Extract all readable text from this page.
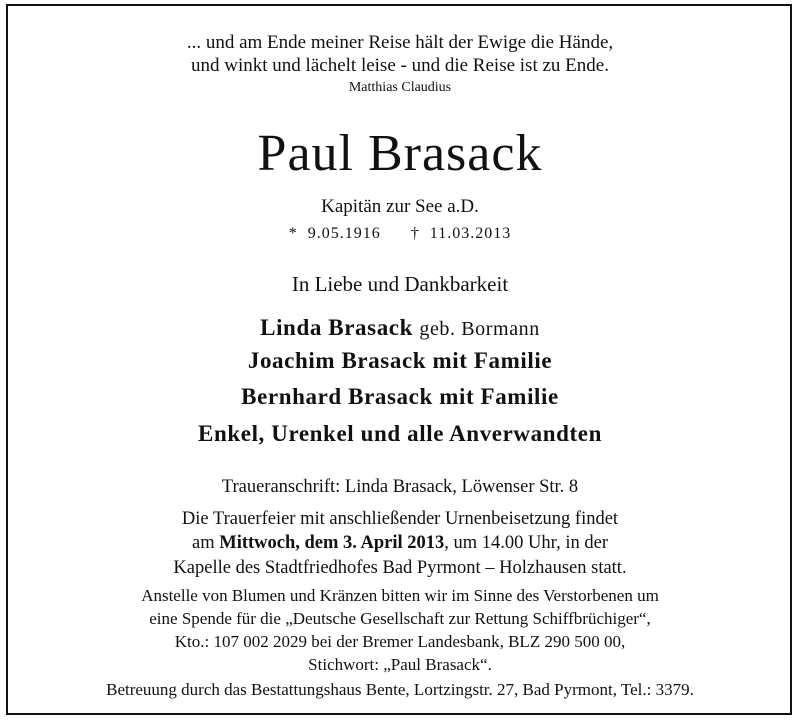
... und am Ende meiner Reise hält der Ewige die Hände,
und winkt und lächelt leise - und die Reise ist zu Ende.
Matthias Claudius
Paul Brasack
Kapitän zur See a.D.
* 9.05.1916 † 11.03.2013
In Liebe und Dankbarkeit
Linda Brasack geb. Bormann
Joachim Brasack mit Familie
Bernhard Brasack mit Familie
Enkel, Urenkel und alle Anverwandten
Traueranschrift: Linda Brasack, Löwenser Str. 8
Die Trauerfeier mit anschließender Urnenbeisetzung findet
am Mittwoch, dem 3. April 2013, um 14.00 Uhr, in der
Kapelle des Stadtfriedhofes Bad Pyrmont – Holzhausen statt.
Anstelle von Blumen und Kränzen bitten wir im Sinne des Verstorbenen um
eine Spende für die „Deutsche Gesellschaft zur Rettung Schiffbrüchiger“,
Kto.: 107 002 2029 bei der Bremer Landesbank, BLZ 290 500 00,
Stichwort: „Paul Brasack“.
Betreuung durch das Bestattungshaus Bente, Lortzingstr. 27, Bad Pyrmont, Tel.: 3379.
